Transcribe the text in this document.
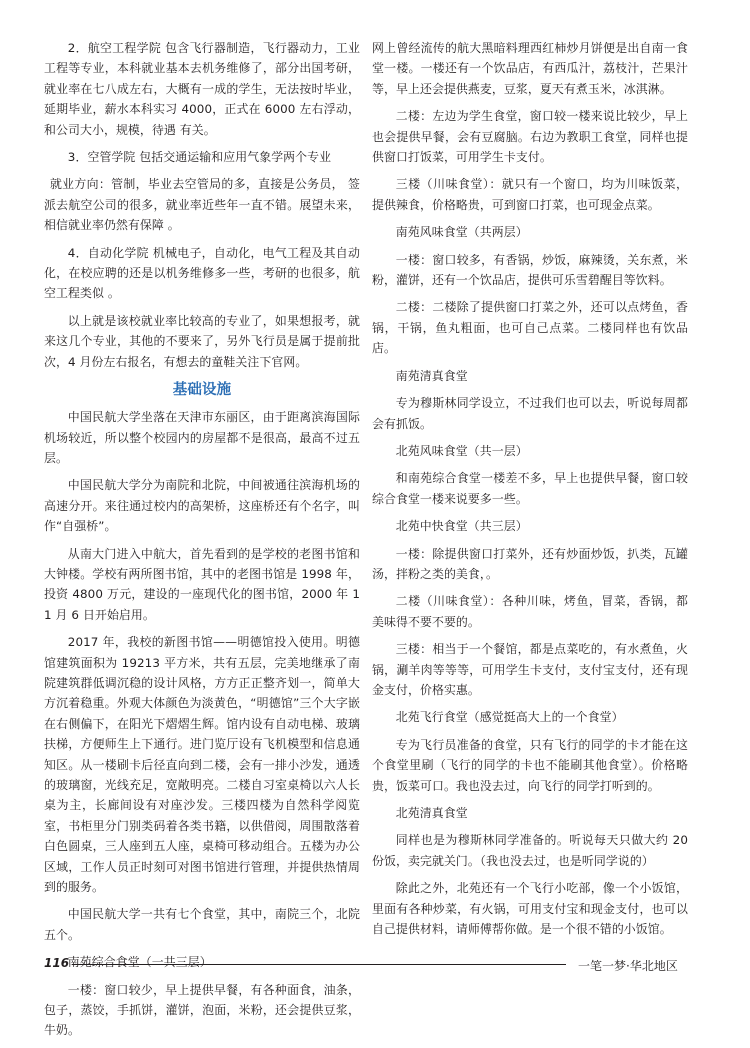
2．航空工程学院 包含飞行器制造，飞行器动力，工业工程等专业，本科就业基本去机务维修了，部分出国考研，就业率在七八成左右，大概有一成的学生，无法按时毕业，延期毕业，薪水本科实习 4000，正式在 6000 左右浮动，和公司大小，规模，待遇 有关。

3．空管学院 包括交通运输和应用气象学两个专业

就业方向：管制，毕业去空管局的多，直接是公务员， 签派去航空公司的很多，就业率近些年一直不错。展望未来，相信就业率仍然有保障 。

4．自动化学院 机械电子，自动化，电气工程及其自动化，在校应聘的还是以机务维修多一些，考研的也很多，航空工程类似 。

以上就是该校就业率比较高的专业了，如果想报考，就来这几个专业，其他的不要来了，另外飞行员是属于提前批次，4 月份左右报名，有想去的童鞋关注下官网。

基础设施

中国民航大学坐落在天津市东丽区，由于距离滨海国际机场较近，所以整个校园内的房屋都不是很高，最高不过五层。

中国民航大学分为南院和北院，中间被通往滨海机场的高速分开。来往通过校内的高架桥，这座桥还有个名字，叫作“自强桥”。

从南大门进入中航大，首先看到的是学校的老图书馆和大钟楼。学校有两所图书馆，其中的老图书馆是 1998 年，投资 4800 万元，建设的一座现代化的图书馆，2000 年 11 月 6 日开始启用。

2017 年，我校的新图书馆——明德馆投入使用。明德馆建筑面积为 19213 平方米，共有五层，完美地继承了南院建筑群低调沉稳的设计风格，方方正正整齐划一，简单大方沉着稳重。外观大体颜色为淡黄色，“明德馆”三个大字嵌在右侧偏下，在阳光下熠熠生辉。馆内设有自动电梯、玻璃扶梯，方便师生上下通行。进门览厅设有飞机模型和信息通知区。从一楼刷卡后径直向到二楼，会有一排小沙发，通透的玻璃窗，光线充足，宽敞明亮。二楼自习室桌椅以六人长桌为主，长廊间设有对座沙发。三楼四楼为自然科学阅览室，书柜里分门别类码着各类书籍，以供借阅，周围散落着白色圆桌，三人座到五人座，桌椅可移动组合。五楼为办公区域，工作人员正时刻可对图书馆进行管理，并提供热情周到的服务。

中国民航大学一共有七个食堂，其中，南院三个，北院五个。

南苑综合食堂（一共三层）

一楼：窗口较少，早上提供早餐，有各种面食，油条，包子，蒸饺，手抓饼，灌饼，泡面，米粉，还会提供豆浆，牛奶。

网上曾经流传的航大黑暗料理西红柿炒月饼便是出自南一食堂一楼。一楼还有一个饮品店，有西瓜汁，荔枝汁，芒果汁等，早上还会提供燕麦，豆浆，夏天有煮玉米，冰淇淋。

二楼：左边为学生食堂，窗口较一楼来说比较少，早上也会提供早餐，会有豆腐脑。右边为教职工食堂，同样也提供窗口打饭菜，可用学生卡支付。

三楼（川味食堂）：就只有一个窗口，均为川味饭菜，提供辣食，价格略贵，可到窗口打菜，也可现金点菜。

南苑风味食堂（共两层）

一楼：窗口较多，有香锅，炒饭，麻辣烫，关东煮，米粉，灌饼，还有一个饮品店，提供可乐雪碧醒目等饮料。

二楼：二楼除了提供窗口打菜之外，还可以点烤鱼，香锅，干锅，鱼丸粗面，也可自己点菜。二楼同样也有饮品店。

南苑清真食堂

专为穆斯林同学设立，不过我们也可以去，听说每周都会有抓饭。

北苑风味食堂（共一层）

和南苑综合食堂一楼差不多，早上也提供早餐，窗口较综合食堂一楼来说要多一些。

北苑中快食堂（共三层）

一楼：除提供窗口打菜外，还有炒面炒饭，扒类，瓦罐汤，拌粉之类的美食，。

二楼（川味食堂）：各种川味，烤鱼，冒菜，香锅，都美味得不要不要的。

三楼：相当于一个餐馆，都是点菜吃的，有水煮鱼，火锅，涮羊肉等等等，可用学生卡支付，支付宝支付，还有现金支付，价格实惠。

北苑飞行食堂（感觉挺高大上的一个食堂）

专为飞行员准备的食堂，只有飞行的同学的卡才能在这个食堂里刷（飞行的同学的卡也不能刷其他食堂）。价格略贵，饭菜可口。我也没去过，向飞行的同学打听到的。

北苑清真食堂

同样也是为穆斯林同学准备的。听说每天只做大约 20 份饭，卖完就关门。（我也没去过，也是听同学说的）

除此之外，北苑还有一个飞行小吃部，像一个小饭馆，里面有各种炒菜，有火锅，可用支付宝和现金支付，也可以自己提供材料，请师傅帮你做。是一个很不错的小饭馆。

116	一笔一梦·华北地区
